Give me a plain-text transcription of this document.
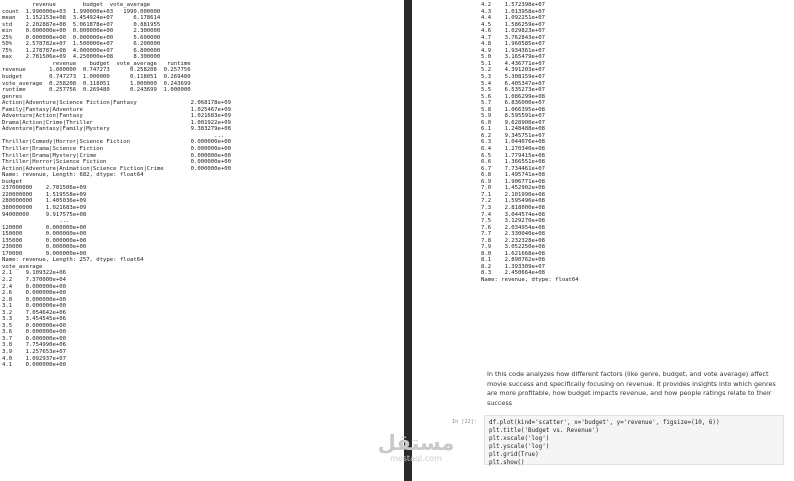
revenue        budget  vote_average
count  1.990000e+03  1.990000e+03   1990.000000
mean   1.152153e+08  3.454924e+07      6.178614
std    2.202887e+08  5.061878e+07      0.881955
min    0.000000e+00  0.000000e+00      2.300000
25%    0.000000e+00  0.000000e+00      5.600000
50%    2.578782e+07  1.500000e+07      6.200000
75%    1.278787e+08  4.000000e+07      6.800000
max    2.781506e+09  4.250000e+08      8.300000
revenue    budget  vote_average   runtime
revenue       1.000000  0.747273      0.258208  0.257756
budget        0.747273  1.000000      0.118051  0.269480
vote_average  0.258208  0.118051      1.000000  0.243699
runtime       0.257756  0.269480      0.243699  1.000000
genres
Action|Adventure|Science Fiction|Fantasy                2.068178e+09
Family|Fantasy|Adventure                                1.025467e+09
Adventure|Action|Fantasy                                1.021683e+09
Drama|Action|Crime|Thriller                             1.001922e+09
Adventure|Fantasy|Family|Mystery                        9.383279e+08
...
Thriller|Comedy|Horror|Science Fiction                  0.000000e+00
Thriller|Drama|Science Fiction                          0.000000e+00
Thriller|Drama|Mystery|Crime                            0.000000e+00
Thriller|Horror|Science Fiction                         0.000000e+00
Action|Adventure|Animation|Science Fiction|Crime        0.000000e+00
Name: revenue, Length: 682, dtype: float64
budget
237000000    2.781506e+09
220000000    1.519558e+09
280000000    1.405036e+09
380000000    1.021683e+09
94000000     9.917575e+08
...
120000       0.000000e+00
150000       0.000000e+00
135000       0.000000e+00
230000       0.000000e+00
170000       0.000000e+00
Name: revenue, Length: 257, dtype: float64
vote_average
2.1    9.109322e+06
2.2    7.370000e+04
2.4    0.000000e+00
2.6    0.000000e+00
2.8    0.000000e+00
3.1    0.000000e+00
3.2    7.054642e+06
3.3    3.454545e+06
3.5    0.000000e+00
3.6    0.000000e+00
3.7    0.000000e+00
3.8    7.754990e+06
3.9    1.257653e+07
4.0    1.092937e+07
4.1    0.000000e+00
4.2    1.572398e+07
4.3    1.013958e+07
4.4    1.092251e+07
4.5    1.586259e+07
4.6    1.029823e+07
4.7    3.762843e+07
4.8    1.960585e+07
4.9    1.934361e+07
5.0    3.165479e+07
5.1    4.436771e+07
5.2    4.391203e+07
5.3    5.308159e+07
5.4    6.405347e+07
5.5    6.535273e+07
5.6    1.086299e+08
5.7    6.836000e+07
5.8    1.066395e+08
5.9    8.595591e+07
6.0    9.628900e+07
6.1    1.248488e+08
6.2    9.345751e+07
6.3    1.044076e+08
6.4    1.270340e+08
6.5    1.779415e+08
6.6    1.366551e+08
6.7    7.734461e+07
6.8    1.495741e+08
6.9    1.906771e+08
7.0    1.452902e+08
7.1    2.101990e+08
7.2    1.595496e+08
7.3    2.818000e+08
7.4    3.044574e+08
7.5    3.129270e+08
7.6    2.034954e+08
7.7    2.330040e+08
7.8    2.232328e+08
7.9    3.052250e+08
8.0    1.621668e+08
8.1    2.890762e+08
8.2    1.393309e+07
8.3    2.450664e+08
Name: revenue, dtype: float64
In this code analyzes how different factors (like genre, budget, and vote average) affect movie success and specifically focusing on revenue. It provides insights into which genres are more profitable, how budget impacts revenue, and how people ratings relate to their success
In [22]: df.plot(kind='scatter', x='budget', y='revenue', figsize=(10, 6))
plt.title('Budget vs. Revenue')
plt.xscale('log')
plt.yscale('log')
plt.grid(True)
plt.show()
مستقل
mostaql.com
